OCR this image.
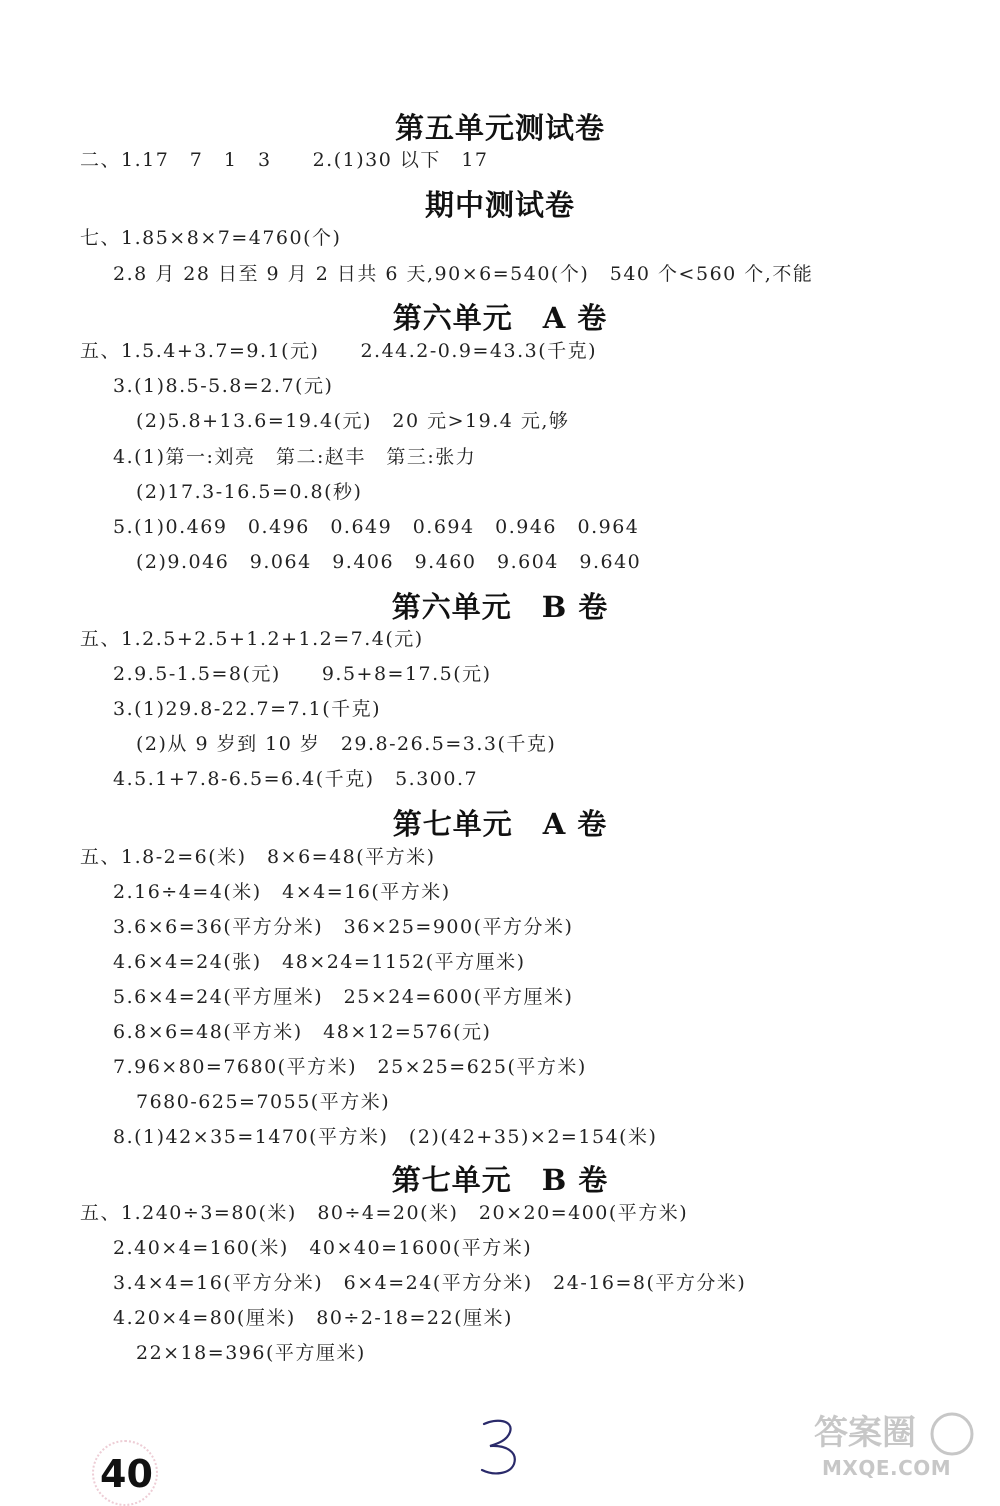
第五单元测试卷
期中测试卷
第六单元　A 卷
第六单元　B 卷
第七单元　A 卷
第七单元　B 卷
二、1.17　7　1　3　　2.(1)30 以下　17
七、1.85×8×7=4760(个)
2.8 月 28 日至 9 月 2 日共 6 天,90×6=540(个)　540 个<560 个,不能
五、1.5.4+3.7=9.1(元)　　2.44.2-0.9=43.3(千克)
3.(1)8.5-5.8=2.7(元)
(2)5.8+13.6=19.4(元)　20 元>19.4 元,够
4.(1)第一:刘亮　第二:赵丰　第三:张力
(2)17.3-16.5=0.8(秒)
5.(1)0.469　0.496　0.649　0.694　0.946　0.964
(2)9.046　9.064　9.406　9.460　9.604　9.640
五、1.2.5+2.5+1.2+1.2=7.4(元)
2.9.5-1.5=8(元)　　9.5+8=17.5(元)
3.(1)29.8-22.7=7.1(千克)
(2)从 9 岁到 10 岁　29.8-26.5=3.3(千克)
4.5.1+7.8-6.5=6.4(千克)　5.300.7
五、1.8-2=6(米)　8×6=48(平方米)
2.16÷4=4(米)　4×4=16(平方米)
3.6×6=36(平方分米)　36×25=900(平方分米)
4.6×4=24(张)　48×24=1152(平方厘米)
5.6×4=24(平方厘米)　25×24=600(平方厘米)
6.8×6=48(平方米)　48×12=576(元)
7.96×80=7680(平方米)　25×25=625(平方米)
7680-625=7055(平方米)
8.(1)42×35=1470(平方米)　(2)(42+35)×2=154(米)
五、1.240÷3=80(米)　80÷4=20(米)　20×20=400(平方米)
2.40×4=160(米)　40×40=1600(平方米)
3.4×4=16(平方分米)　6×4=24(平方分米)　24-16=8(平方分米)
4.20×4=80(厘米)　80÷2-18=22(厘米)
22×18=396(平方厘米)
40
答案圈
MXQE.COM
